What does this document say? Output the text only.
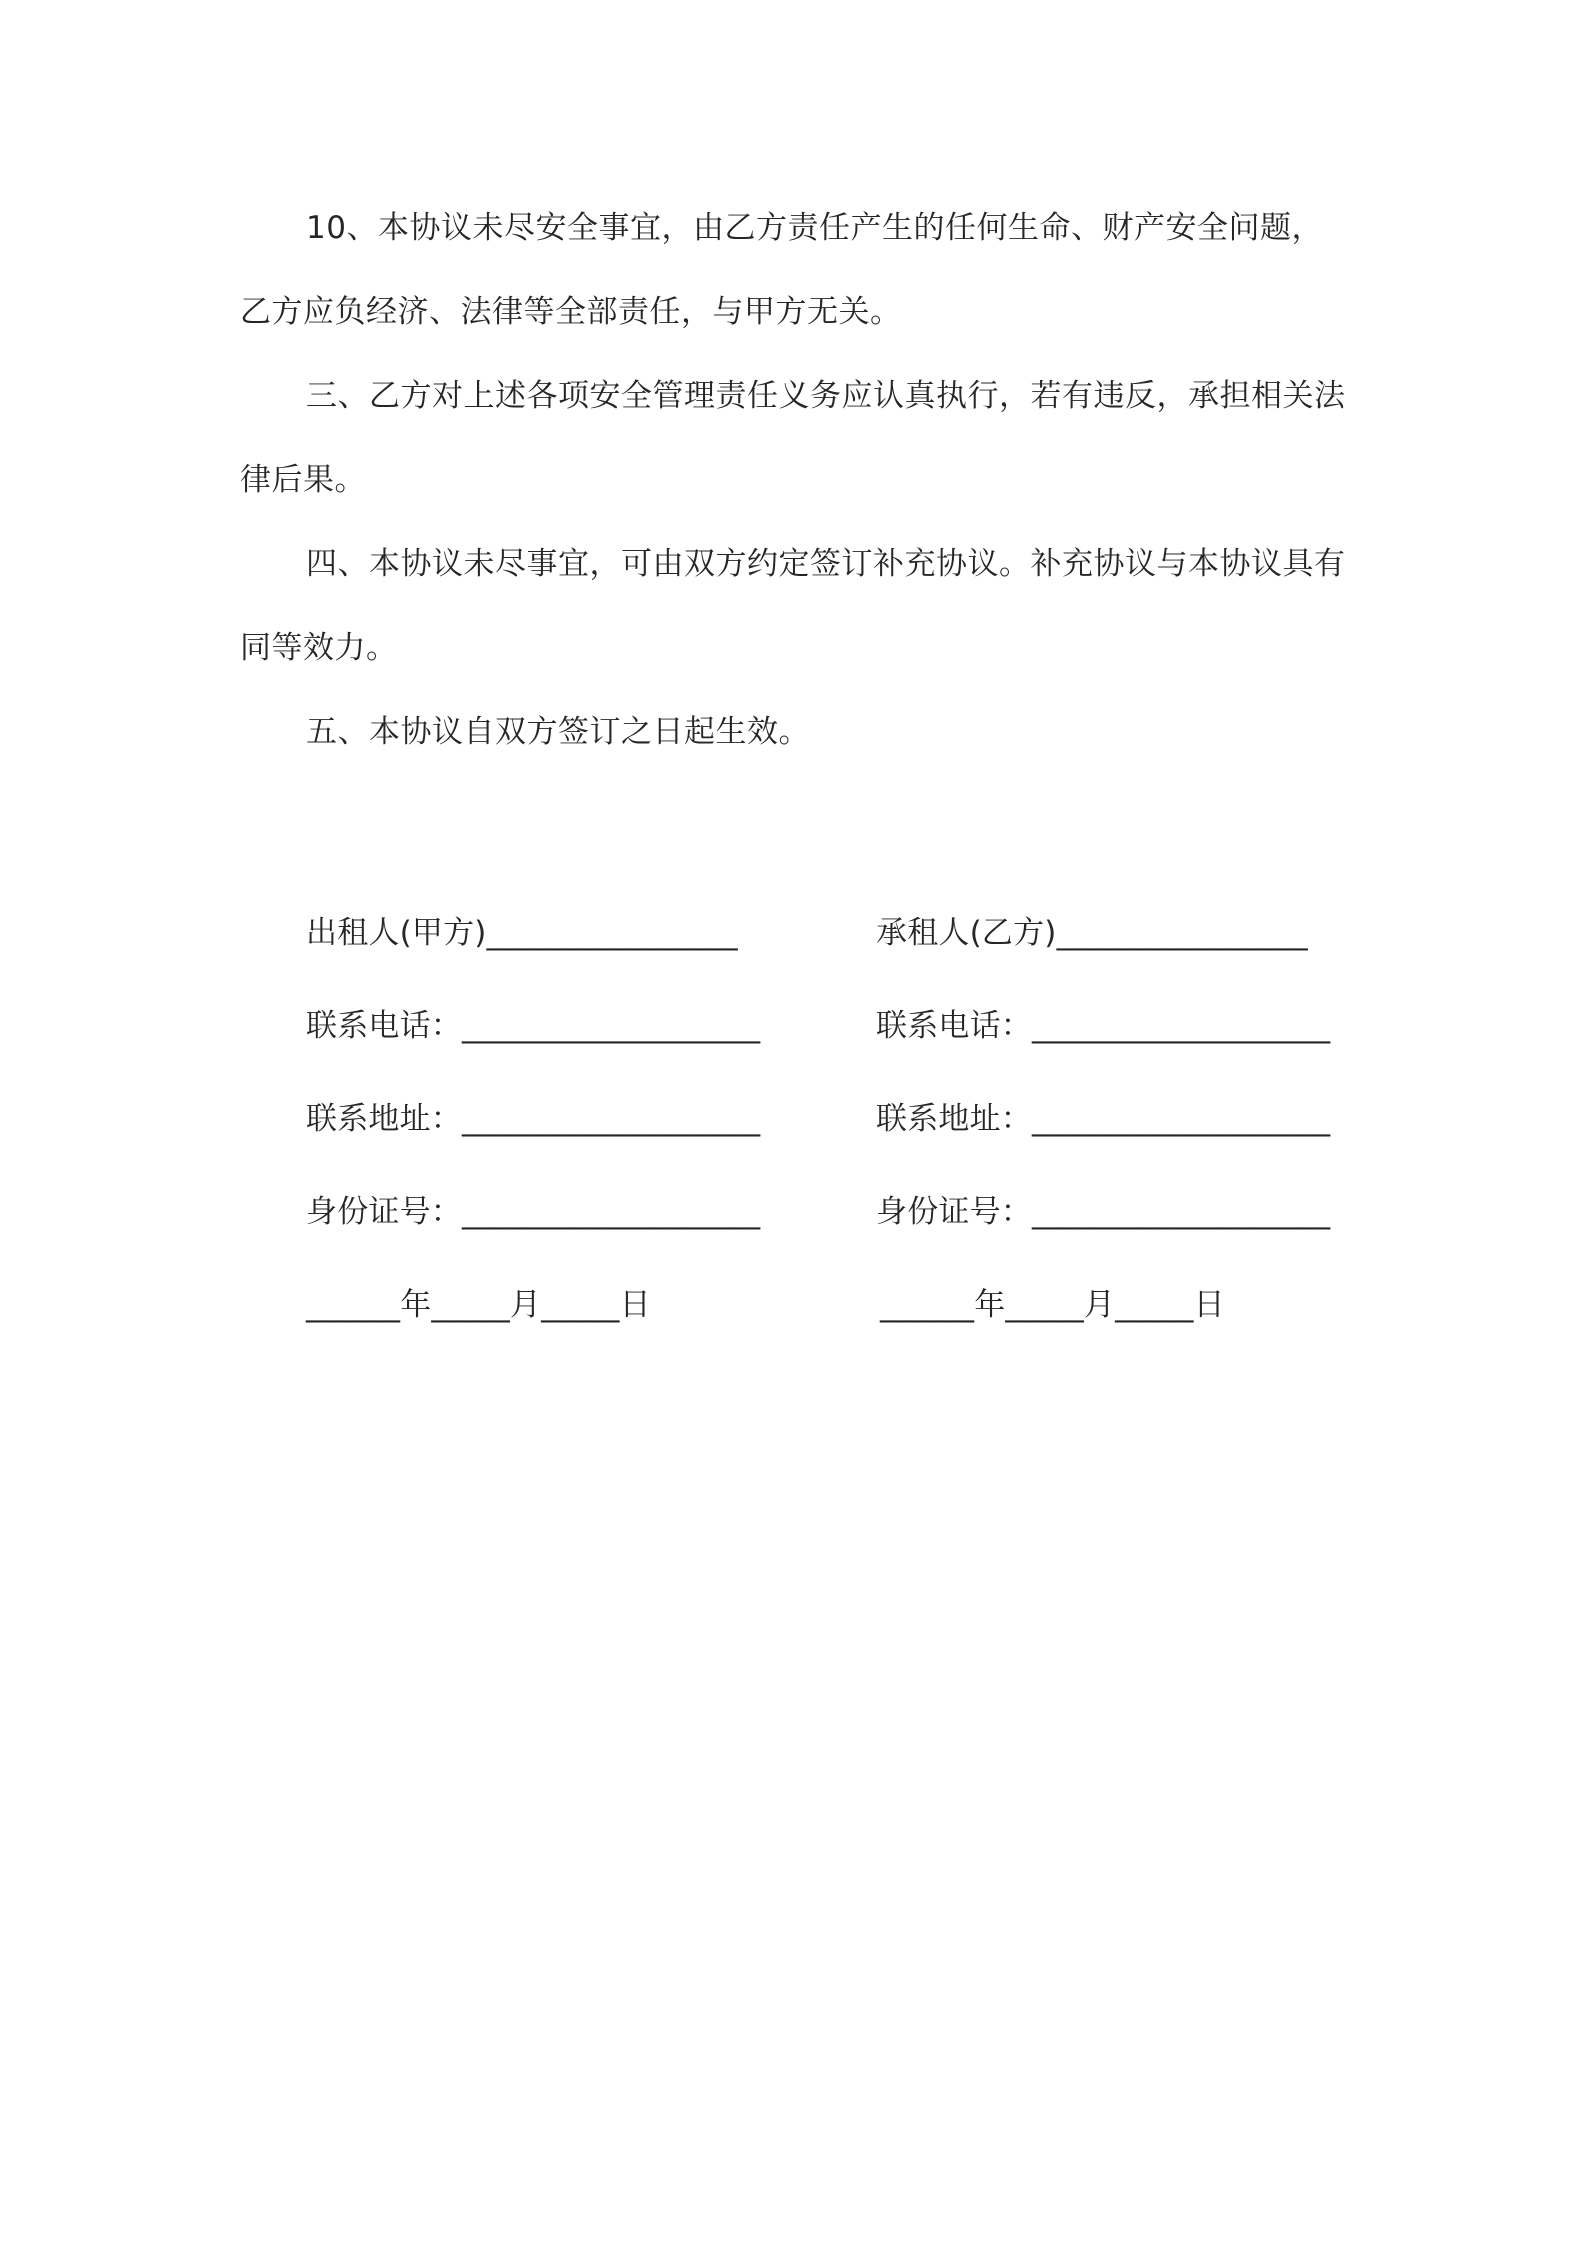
10、本协议未尽安全事宜，由乙方责任产生的任何生命、财产安全问题，乙方应负经济、法律等全部责任，与甲方无关。

三、乙方对上述各项安全管理责任义务应认真执行，若有违反，承担相关法律后果。

四、本协议未尽事宜，可由双方约定签订补充协议。补充协议与本协议具有同等效力。

五、本协议自双方签订之日起生效。

出租人(甲方)________________
联系电话：___________________
联系地址：___________________
身份证号：___________________
______年_____月_____日
承租人(乙方)________________
联系电话：___________________
联系地址：___________________
身份证号：___________________
______年_____月_____日
